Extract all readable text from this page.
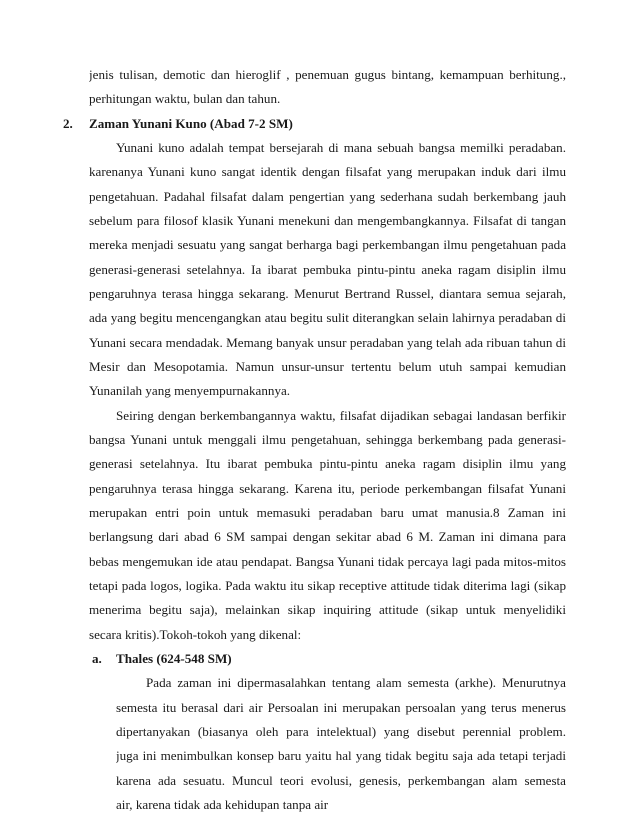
jenis tulisan, demotic dan hieroglif , penemuan gugus bintang, kemampuan berhitung.,
perhitungan waktu, bulan dan tahun.
2. Zaman Yunani Kuno (Abad 7-2 SM)
Yunani kuno adalah tempat bersejarah di mana sebuah bangsa memilki peradaban.
karenanya Yunani kuno sangat identik dengan filsafat yang merupakan induk dari ilmu
pengetahuan. Padahal filsafat dalam pengertian yang sederhana sudah berkembang jauh
sebelum para filosof klasik Yunani menekuni dan mengembangkannya. Filsafat di tangan
mereka menjadi sesuatu yang sangat berharga bagi perkembangan ilmu pengetahuan pada
generasi-generasi setelahnya. Ia ibarat pembuka pintu-pintu aneka ragam disiplin ilmu
pengaruhnya terasa hingga sekarang. Menurut Bertrand Russel, diantara semua sejarah,
ada yang begitu mencengangkan atau begitu sulit diterangkan selain lahirnya peradaban di
Yunani secara mendadak. Memang banyak unsur peradaban yang telah ada ribuan tahun di
Mesir dan Mesopotamia. Namun unsur-unsur tertentu belum utuh sampai kemudian
Yunanilah yang menyempurnakannya.
Seiring dengan berkembangannya waktu, filsafat dijadikan sebagai landasan berfikir
bangsa Yunani untuk menggali ilmu pengetahuan, sehingga berkembang pada generasi-
generasi setelahnya. Itu ibarat pembuka pintu-pintu aneka ragam disiplin ilmu yang
pengaruhnya terasa hingga sekarang. Karena itu, periode perkembangan filsafat Yunani
merupakan entri poin untuk memasuki peradaban baru umat manusia.8 Zaman ini
berlangsung dari abad 6 SM sampai dengan sekitar abad 6 M. Zaman ini dimana para
bebas mengemukan ide atau pendapat. Bangsa Yunani tidak percaya lagi pada mitos-mitos
tetapi pada logos, logika. Pada waktu itu sikap receptive attitude tidak diterima lagi (sikap
menerima begitu saja), melainkan sikap inquiring attitude (sikap untuk menyelidiki
secara kritis).Tokoh-tokoh yang dikenal:
a. Thales (624-548 SM)
Pada zaman ini dipermasalahkan tentang alam semesta (arkhe). Menurutnya
semesta itu berasal dari air Persoalan ini merupakan persoalan yang terus menerus
dipertanyakan (biasanya oleh para intelektual) yang disebut perennial problem.
juga ini menimbulkan konsep baru yaitu hal yang tidak begitu saja ada tetapi terjadi
karena ada sesuatu. Muncul teori evolusi, genesis, perkembangan alam semesta
air, karena tidak ada kehidupan tanpa air
